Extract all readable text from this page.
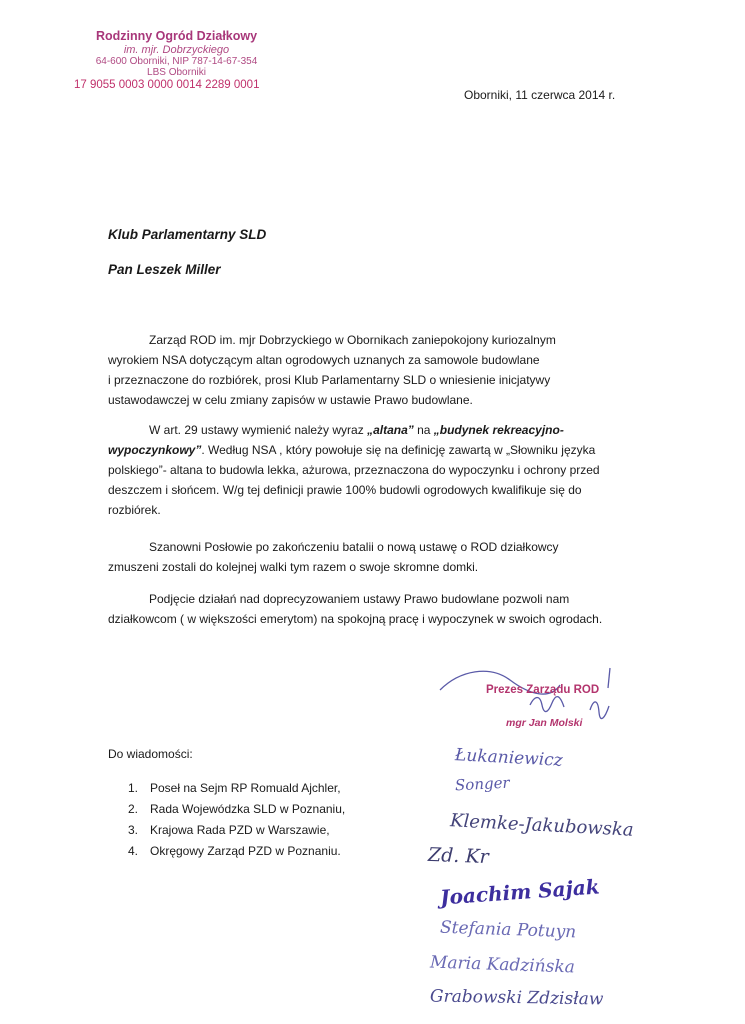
Rodzinny Ogród Działkowy
im. mjr. Dobrzyckiego
64-600 Oborniki, NIP 787-14-67-354
LBS Oborniki
17 9055 0003 0000 0014 2289 0001
Oborniki, 11 czerwca 2014 r.
Klub Parlamentarny SLD
Pan Leszek Miller

Zarząd ROD im. mjr Dobrzyckiego w Obornikach zaniepokojony kuriozalnym

wyrokiem NSA dotyczącym altan ogrodowych uznanych za samowole budowlane

i przeznaczone do rozbiórek, prosi Klub Parlamentarny SLD o wniesienie inicjatywy

ustawodawczej w celu zmiany zapisów w ustawie Prawo budowlane.

W art. 29 ustawy wymienić należy wyraz „altana” na „budynek rekreacyjno-

wypoczynkowy”. Według NSA , który powołuje się na definicję zawartą w „Słowniku języka

polskiego”- altana to budowla lekka, ażurowa, przeznaczona do wypoczynku i ochrony przed

deszczem i słońcem. W/g tej definicji prawie 100% budowli ogrodowych kwalifikuje się do

rozbiórek.

Szanowni Posłowie po zakończeniu batalii o nową ustawę o ROD działkowcy

zmuszeni zostali do kolejnej walki tym razem o swoje skromne domki.

Podjęcie działań nad doprecyzowaniem ustawy Prawo budowlane pozwoli nam

działkowcom ( w większości emerytom) na spokojną pracę i wypoczynek w swoich ogrodach.

Prezes Zarządu ROD
mgr Jan Molski
Do wiadomości:
1. Poseł na Sejm RP Romuald Ajchler,
2. Rada Wojewódzka SLD w Poznaniu,
3. Krajowa Rada PZD w Warszawie,
4. Okręgowy Zarząd PZD w Poznaniu.
Łukaniewicz
Songer
Klemke-Jakubowska
Zd. Kr
Joachim Sajak
Stefania Potuyn
Maria Kadzińska
Grabowski Zdzisław
